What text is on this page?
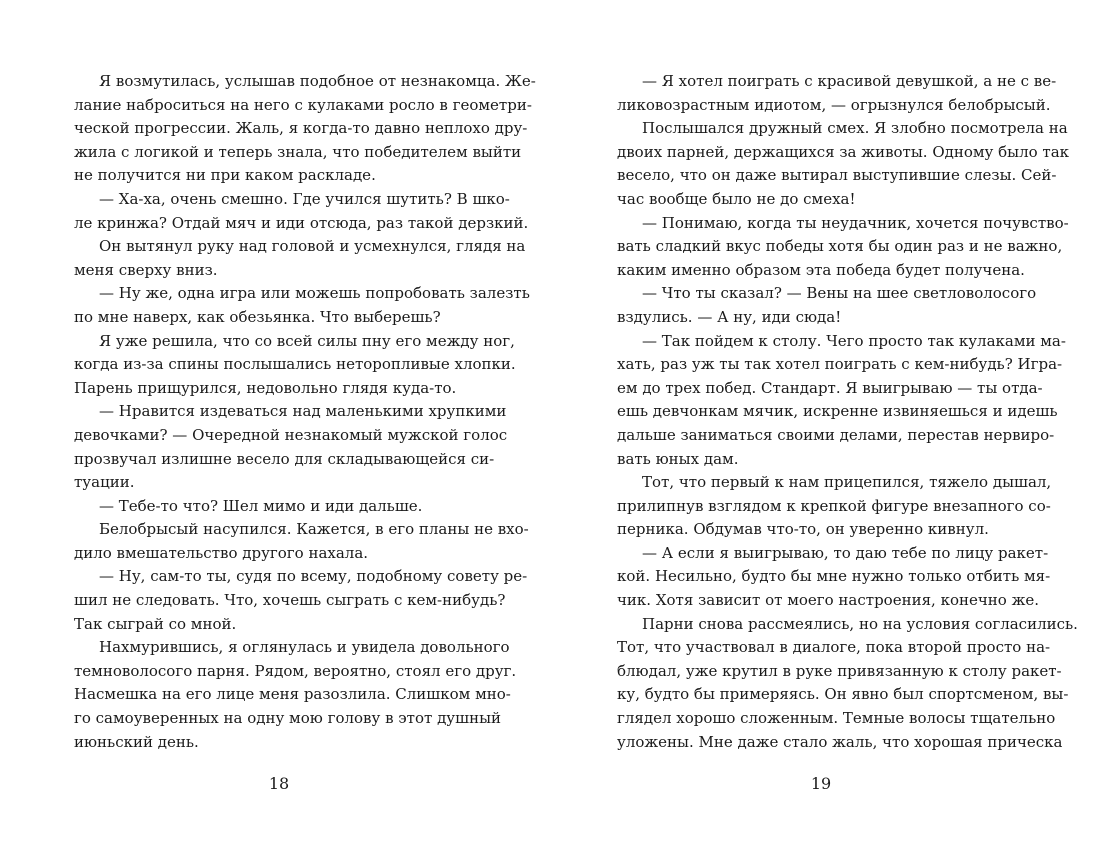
Я возмутилась, услышав подобное от незнакомца. Же-
лание наброситься на него с кулаками росло в геометри-
ческой прогрессии. Жаль, я когда-то давно неплохо дру-
жила с логикой и теперь знала, что победителем выйти
не получится ни при каком раскладе.
— Ха-ха, очень смешно. Где учился шутить? В шко-
ле кринжа? Отдай мяч и иди отсюда, раз такой дерзкий.
Он вытянул руку над головой и усмехнулся, глядя на
меня сверху вниз.
— Ну же, одна игра или можешь попробовать залезть
по мне наверх, как обезьянка. Что выберешь?
Я уже решила, что со всей силы пну его между ног,
когда из-за спины послышались неторопливые хлопки.
Парень прищурился, недовольно глядя куда-то.
— Нравится издеваться над маленькими хрупкими
девочками? — Очередной незнакомый мужской голос
прозвучал излишне весело для складывающейся си-
туации.
— Тебе-то что? Шел мимо и иди дальше.
Белобрысый насупился. Кажется, в его планы не вхо-
дило вмешательство другого нахала.
— Ну, сам-то ты, судя по всему, подобному совету ре-
шил не следовать. Что, хочешь сыграть с кем-нибудь?
Так сыграй со мной.
Нахмурившись, я оглянулась и увидела довольного
темноволосого парня. Рядом, вероятно, стоял его друг.
Насмешка на его лице меня разозлила. Слишком мно-
го самоуверенных на одну мою голову в этот душный
июньский день.
— Я хотел поиграть с красивой девушкой, а не с ве-
ликовозрастным идиотом, — огрызнулся белобрысый.
Послышался дружный смех. Я злобно посмотрела на
двоих парней, держащихся за животы. Одному было так
весело, что он даже вытирал выступившие слезы. Сей-
час вообще было не до смеха!
— Понимаю, когда ты неудачник, хочется почувство-
вать сладкий вкус победы хотя бы один раз и не важно,
каким именно образом эта победа будет получена.
— Что ты сказал? — Вены на шее светловолосого
вздулись. — А ну, иди сюда!
— Так пойдем к столу. Чего просто так кулаками ма-
хать, раз уж ты так хотел поиграть с кем-нибудь? Игра-
ем до трех побед. Стандарт. Я выигрываю — ты отда-
ешь девчонкам мячик, искренне извиняешься и идешь
дальше заниматься своими делами, перестав нервиро-
вать юных дам.
Тот, что первый к нам прицепился, тяжело дышал,
прилипнув взглядом к крепкой фигуре внезапного со-
перника. Обдумав что-то, он уверенно кивнул.
— А если я выигрываю, то даю тебе по лицу ракет-
кой. Несильно, будто бы мне нужно только отбить мя-
чик. Хотя зависит от моего настроения, конечно же.
Парни снова рассмеялись, но на условия согласились.
Тот, что участвовал в диалоге, пока второй просто на-
блюдал, уже крутил в руке привязанную к столу ракет-
ку, будто бы примеряясь. Он явно был спортсменом, вы-
глядел хорошо сложенным. Темные волосы тщательно
уложены. Мне даже стало жаль, что хорошая прическа
18	19
